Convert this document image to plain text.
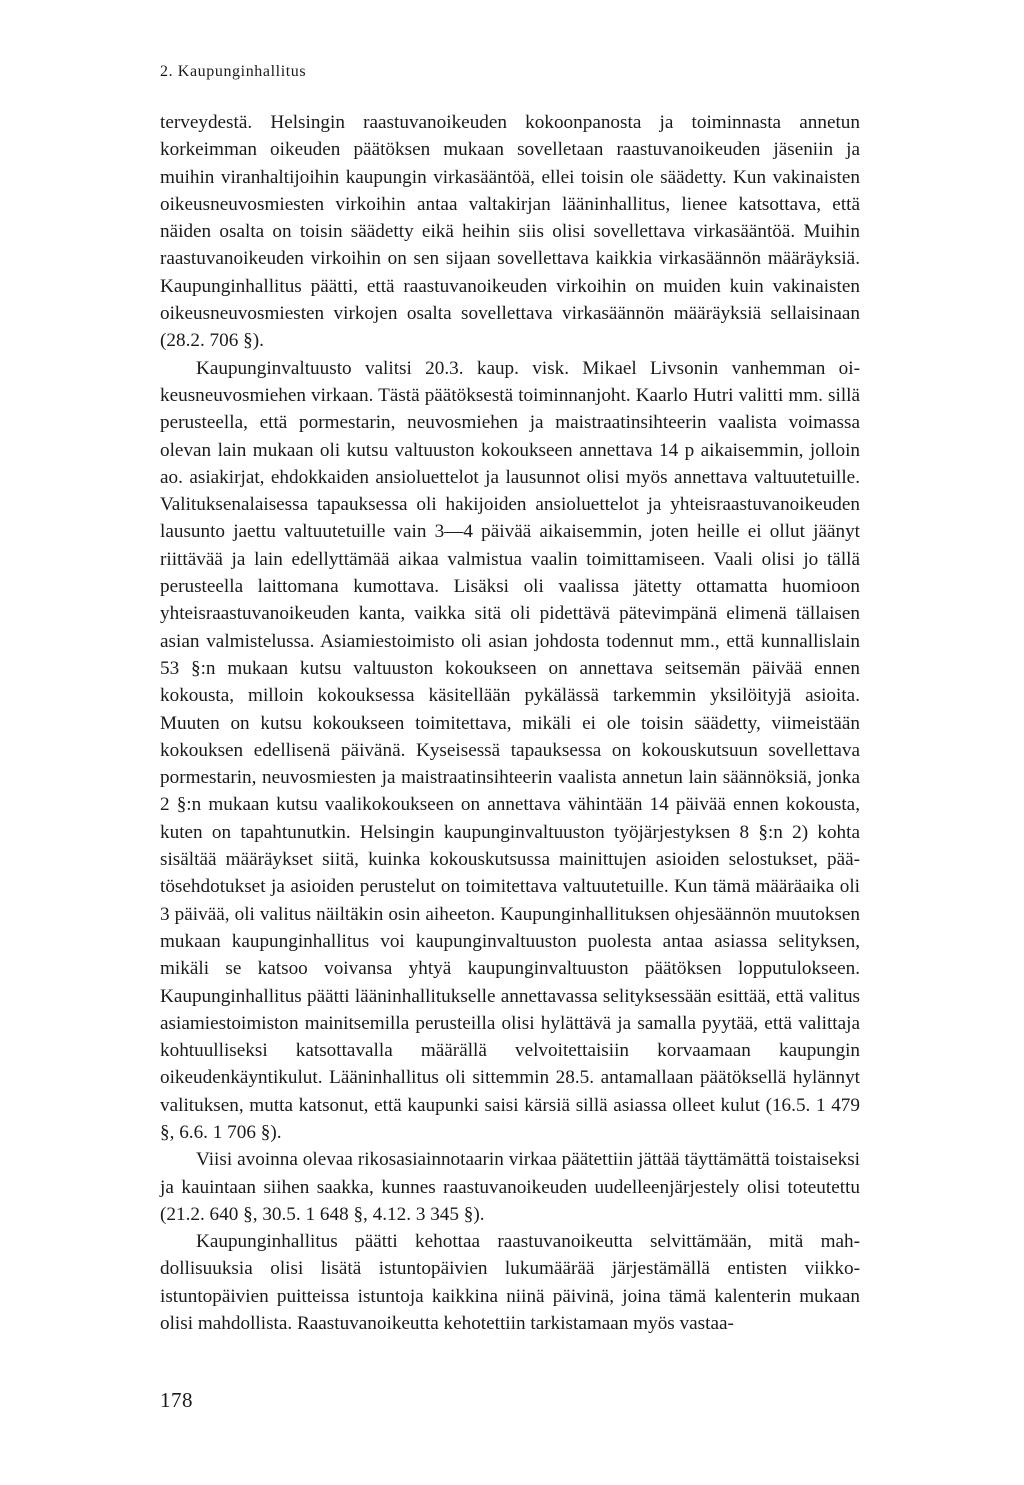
2. Kaupunginhallitus

terveydestä. Helsingin raastuvanoikeuden kokoonpanosta ja toiminnasta annetun korkeimman oikeuden päätöksen mukaan sovelletaan raastuvanoikeuden jäseniin ja muihin viranhaltijoihin kaupungin virkasääntöä, ellei toisin ole säädetty. Kun vakinaisten oikeusneuvosmiesten virkoihin antaa valtakirjan lääninhallitus, lienee katsottava, että näiden osalta on toisin säädetty eikä heihin siis olisi sovellettava virkasääntöä. Muihin raastuvanoikeuden virkoihin on sen sijaan sovellettava kaikkia virkasäännön määräyksiä. Kaupunginhallitus päätti, että raastuvanoikeuden virkoihin on muiden kuin vakinaisten oikeusneuvosmiesten virkojen osalta sovellettava virkasäännön määräyksiä sellaisinaan (28.2. 706 §).

Kaupunginvaltuusto valitsi 20.3. kaup. visk. Mikael Livsonin vanhemman oikeusneuvosmiehen virkaan. Tästä päätöksestä toiminnanjoht. Kaarlo Hutri valitti mm. sillä perusteella, että pormestarin, neuvosmiehen ja maistraatinsihteerin vaalista voimassa olevan lain mukaan oli kutsu valtuuston kokoukseen annettava 14 p aikaisemmin, jolloin ao. asiakirjat, ehdokkaiden ansioluettelot ja lausunnot olisi myös annettava valtuutetuille. Valituksenalaisessa tapauksessa oli hakijoiden ansioluettelot ja yhteisraastuvanoikeuden lausunto jaettu valtuutetuille vain 3—4 päivää aikaisemmin, joten heille ei ollut jäänyt riittävää ja lain edellyttämää aikaa valmistua vaalin toimittamiseen. Vaali olisi jo tällä perusteella laittomana kumottava. Lisäksi oli vaalissa jätetty ottamatta huomioon yhteisraastuvanoikeuden kanta, vaikka sitä oli pidettävä pätevimpänä elimenä tällaisen asian valmistelussa. Asiamiestoimisto oli asian johdosta todennut mm., että kunnallislain 53 §:n mukaan kutsu valtuuston kokoukseen on annettava seitsemän päivää ennen kokousta, milloin kokouksessa käsitellään pykälässä tarkemmin yksilöityjä asioita. Muuten on kutsu kokoukseen toimitettava, mikäli ei ole toisin säädetty, viimeistään kokouksen edellisenä päivänä. Kyseisessä tapauksessa on kokouskutsuun sovellettava pormestarin, neuvosmiesten ja maistraatinsihteerin vaalista annetun lain säännöksiä, jonka 2 §:n mukaan kutsu vaalikokoukseen on annettava vähintään 14 päivää ennen kokousta, kuten on tapahtunutkin. Helsingin kaupunginvaltuuston työjärjestyksen 8 §:n 2) kohta sisältää määräykset siitä, kuinka kokouskutsussa mainittujen asioiden selostukset, päätösehdotukset ja asioiden perustelut on toimitettava valtuutetuille. Kun tämä määräaika oli 3 päivää, oli valitus näiltäkin osin aiheeton. Kaupunginhallituksen ohjesäännön muutoksen mukaan kaupunginhallitus voi kaupunginvaltuuston puolesta antaa asiassa selityksen, mikäli se katsoo voivansa yhtyä kaupunginvaltuuston päätöksen lopputulokseen. Kaupunginhallitus päätti lääninhallitukselle annettavassa selityksessään esittää, että valitus asiamiestoimiston mainitsemilla perusteilla olisi hylättävä ja samalla pyytää, että valittaja kohtuulliseksi katsottavalla määrällä velvoitettaisiin korvaamaan kaupungin oikeudenkäyntikulut. Lääninhallitus oli sittemmin 28.5. antamallaan päätöksellä hylännyt valituksen, mutta katsonut, että kaupunki saisi kärsiä sillä asiassa olleet kulut (16.5. 1 479 §, 6.6. 1 706 §).

Viisi avoinna olevaa rikosasiainnotaarin virkaa päätettiin jättää täyttämättä toistaiseksi ja kauintaan siihen saakka, kunnes raastuvanoikeuden uudelleenjärjestely olisi toteutettu (21.2. 640 §, 30.5. 1 648 §, 4.12. 3 345 §).

Kaupunginhallitus päätti kehottaa raastuvanoikeutta selvittämään, mitä mahdollisuuksia olisi lisätä istuntopäivien lukumäärää järjestämällä entisten viikkoistuntopäivien puitteissa istuntoja kaikkina niinä päivinä, joina tämä kalenterin mukaan olisi mahdollista. Raastuvanoikeutta kehotettiin tarkistamaan myös vastaa-

178
